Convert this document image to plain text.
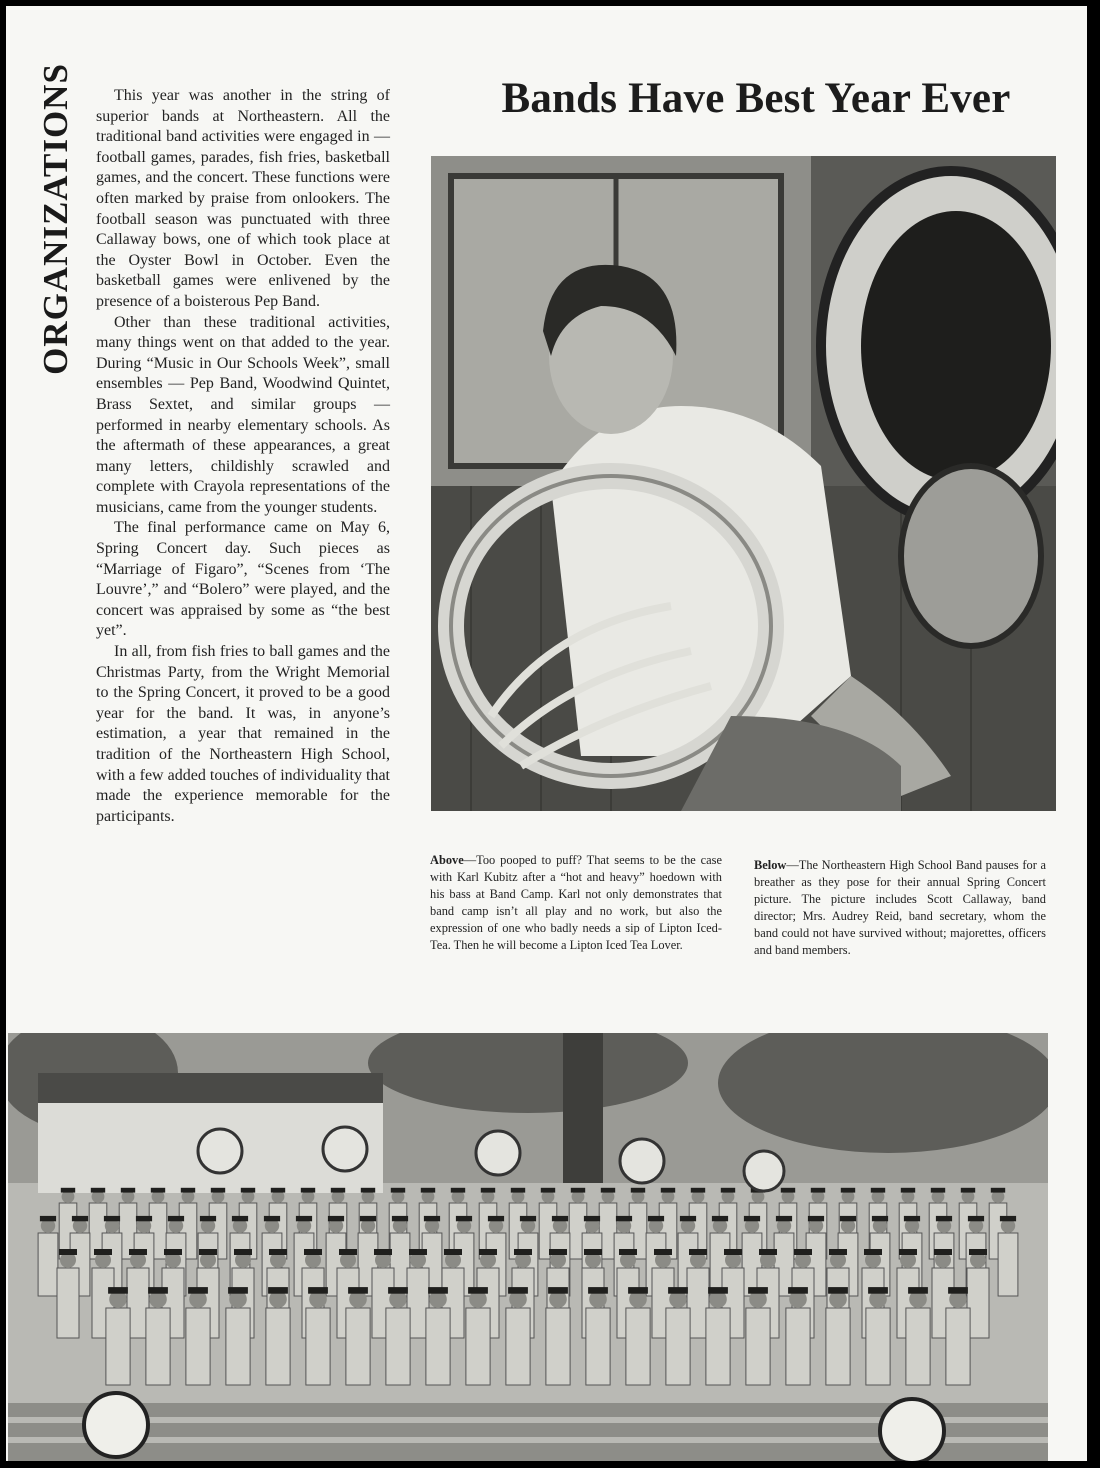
ORGANIZATIONS	Bands Have Best Year Ever

This year was another in the string of superior bands at Northeastern. All the traditional band activities were engaged in — football games, parades, fish fries, basketball games, and the concert. These functions were often marked by praise from onlookers. The football season was punctuated with three Callaway bows, one of which took place at the Oyster Bowl in October. Even the basketball games were enlivened by the presence of a boisterous Pep Band.

Other than these traditional activities, many things went on that added to the year. During “Music in Our Schools Week”, small ensembles — Pep Band, Woodwind Quintet, Brass Sextet, and similar groups — performed in nearby elementary schools. As the aftermath of these appearances, a great many letters, childishly scrawled and complete with Crayola representations of the musicians, came from the younger students.

The final performance came on May 6, Spring Concert day. Such pieces as “Marriage of Figaro”, “Scenes from ‘The Louvre’,” and “Bolero” were played, and the concert was appraised by some as “the best yet”.

In all, from fish fries to ball games and the Christmas Party, from the Wright Memorial to the Spring Concert, it proved to be a good year for the band. It was, in anyone’s estimation, a year that remained in the tradition of the Northeastern High School, with a few added touches of individuality that made the experience memorable for the participants.

Above—Too pooped to puff? That seems to be the case with Karl Kubitz after a “hot and heavy” hoedown with his bass at Band Camp. Karl not only demonstrates that band camp isn’t all play and no work, but also the expression of one who badly needs a sip of Lipton Iced-Tea. Then he will become a Lipton Iced Tea Lover.
Below—The Northeastern High School Band pauses for a breather as they pose for their annual Spring Concert picture. The picture includes Scott Callaway, band director; Mrs. Audrey Reid, band secretary, whom the band could not have survived without; majorettes, officers and band members.
